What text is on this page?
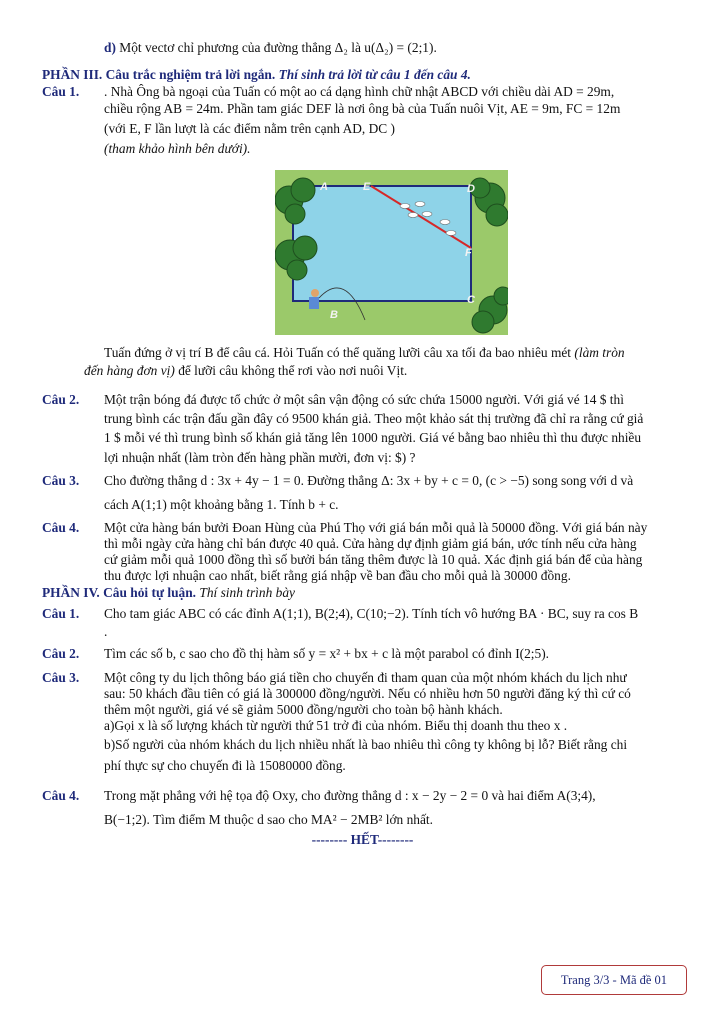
d) Một vectơ chỉ phương của đường thẳng Δ₂ là u(Δ₂) = (2;1).
PHẦN III. Câu trắc nghiệm trả lời ngắn. Thí sinh trả lời từ câu 1 đến câu 4.
Câu 1. . Nhà Ông bà ngoại của Tuấn có một ao cá dạng hình chữ nhật ABCD với chiều dài AD = 29m,
chiều rộng AB = 24m. Phần tam giác DEF là nơi ông bà của Tuấn nuôi Vịt, AE = 9m, FC = 12m
(với E, F lần lượt là các điểm nằm trên cạnh AD, DC )
(tham khảo hình bên dưới).
A	E	D
F
C
B
Tuấn đứng ở vị trí B để câu cá. Hỏi Tuấn có thể quăng lưỡi câu xa tối đa bao nhiêu mét (làm tròn
đến hàng đơn vị) để lưỡi câu không thể rơi vào nơi nuôi Vịt.
Câu 2. Một trận bóng đá được tổ chức ở một sân vận động có sức chứa 15000 người. Với giá vé 14 $ thì
trung bình các trận đấu gần đây có 9500 khán giả. Theo một khảo sát thị trường đã chỉ ra rằng cứ giả
1 $ mỗi vé thì trung bình số khán giả tăng lên 1000 người. Giá vé bằng bao nhiêu thì thu được nhiều
lợi nhuận nhất (làm tròn đến hàng phần mười, đơn vị: $) ?
Câu 3. Cho đường thẳng d : 3x + 4y − 1 = 0. Đường thẳng Δ: 3x + by + c = 0, (c > −5) song song với d và
cách A(1;1) một khoảng bằng 1. Tính b + c.
Câu 4. Một cửa hàng bán bưởi Đoan Hùng của Phú Thọ với giá bán mỗi quả là 50000 đồng. Với giá bán này
thì mỗi ngày cửa hàng chỉ bán được 40 quả. Cửa hàng dự định giảm giá bán, ước tính nếu cửa hàng
cứ giảm mỗi quả 1000 đồng thì số bưởi bán tăng thêm được là 10 quả. Xác định giá bán để của hàng
thu được lợi nhuận cao nhất, biết rằng giá nhập về ban đầu cho mỗi quả là 30000 đồng.
PHẦN IV. Câu hỏi tự luận. Thí sinh trình bày
Câu 1. Cho tam giác ABC có các đỉnh A(1;1), B(2;4), C(10;−2). Tính tích vô hướng BA · BC, suy ra cos B
.
Câu 2. Tìm các số b, c sao cho đồ thị hàm số y = x² + bx + c là một parabol có đỉnh I(2;5).
Câu 3. Một công ty du lịch thông báo giá tiền cho chuyến đi tham quan của một nhóm khách du lịch như
sau: 50 khách đầu tiên có giá là 300000 đồng/người. Nếu có nhiều hơn 50 người đăng ký thì cứ có
thêm một người, giá vé sẽ giảm 5000 đồng/người cho toàn bộ hành khách.
a)Gọi x là số lượng khách từ người thứ 51 trở đi của nhóm. Biểu thị doanh thu theo x .
b)Số người của nhóm khách du lịch nhiều nhất là bao nhiêu thì công ty không bị lỗ? Biết rằng chi
phí thực sự cho chuyến đi là 15080000 đồng.
Câu 4. Trong mặt phẳng với hệ tọa độ Oxy, cho đường thẳng d : x − 2y − 2 = 0 và hai điểm A(3;4),
B(−1;2). Tìm điểm M thuộc d sao cho MA² − 2MB² lớn nhất.
-------- HẾT--------
Trang 3/3 - Mã đề 01
